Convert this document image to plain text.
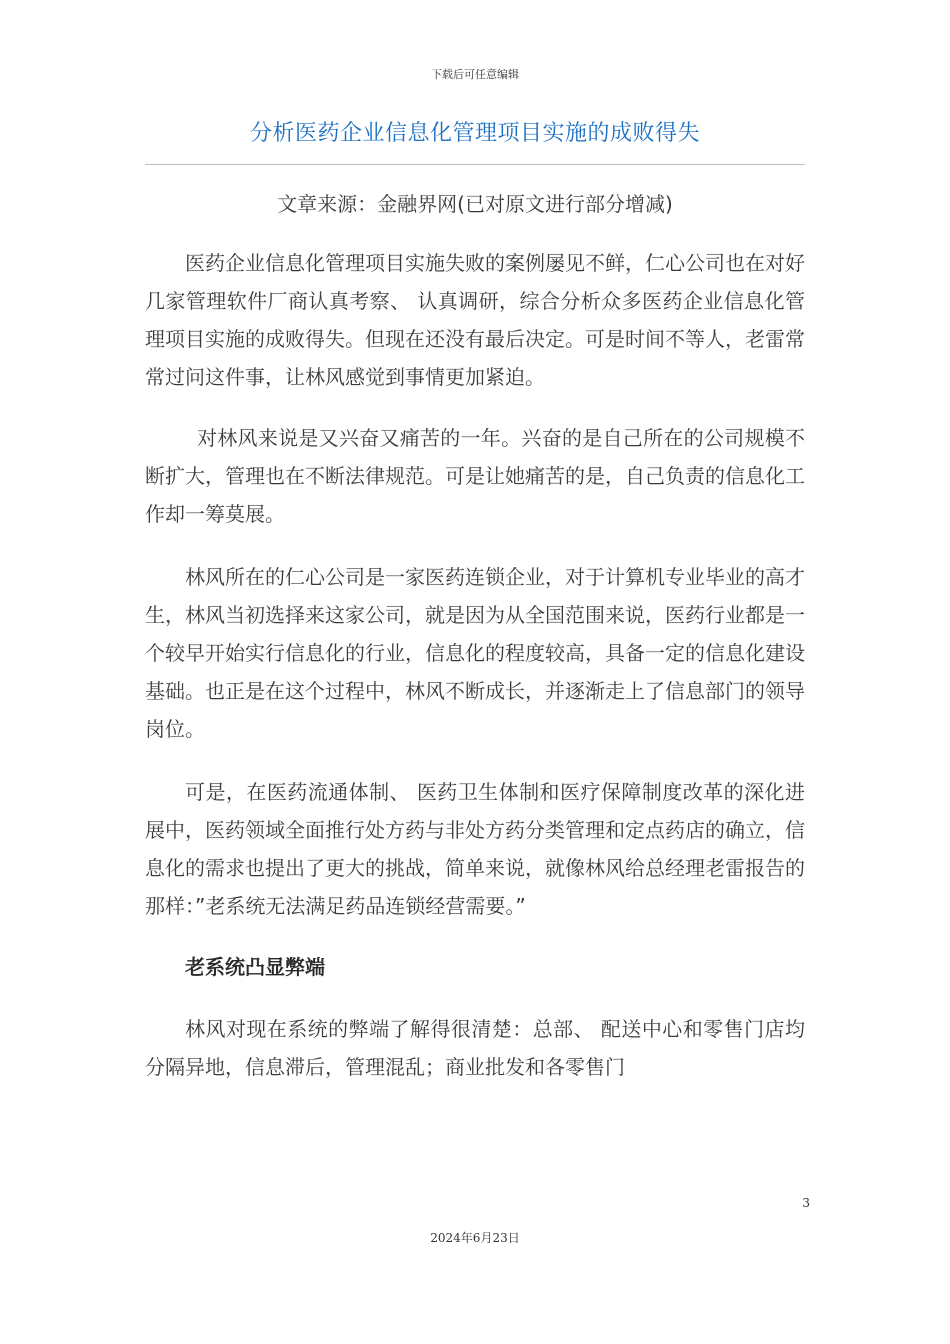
下载后可任意编辑
分析医药企业信息化管理项目实施的成败得失
文章来源：金融界网(已对原文进行部分增减)

医药企业信息化管理项目实施失败的案例屡见不鲜，仁心公司也在对好几家管理软件厂商认真考察、 认真调研，综合分析众多医药企业信息化管理项目实施的成败得失。但现在还没有最后决定。可是时间不等人，老雷常常过问这件事，让林风感觉到事情更加紧迫。

对林风来说是又兴奋又痛苦的一年。兴奋的是自己所在的公司规模不断扩大，管理也在不断法律规范。可是让她痛苦的是，自己负责的信息化工作却一筹莫展。

林风所在的仁心公司是一家医药连锁企业，对于计算机专业毕业的高才生，林风当初选择来这家公司，就是因为从全国范围来说，医药行业都是一个较早开始实行信息化的行业，信息化的程度较高，具备一定的信息化建设基础。也正是在这个过程中，林风不断成长，并逐渐走上了信息部门的领导岗位。

可是，在医药流通体制、 医药卫生体制和医疗保障制度改革的深化进展中，医药领域全面推行处方药与非处方药分类管理和定点药店的确立，信息化的需求也提出了更大的挑战，简单来说，就像林风给总经理老雷报告的那样：”老系统无法满足药品连锁经营需要。”

老系统凸显弊端

林风对现在系统的弊端了解得很清楚：总部、 配送中心和零售门店均分隔异地，信息滞后，管理混乱；商业批发和各零售门

3
2024年6月23日
